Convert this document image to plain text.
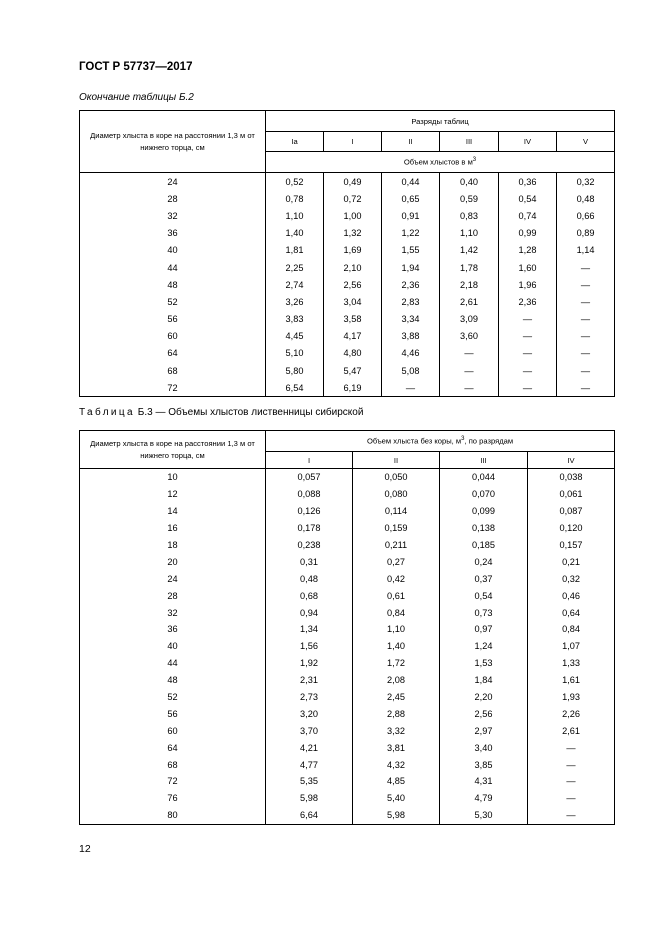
ГОСТ Р 57737—2017
Окончание таблицы Б.2
Диаметр хлыста в коре на расстоянии 1,3 м от нижнего торца, см	Разряды таблиц					
	Ia	I	II	III	IV	V
	Объем хлыстов в $м^3$
24	0,52	0,49	0,44	0,40	0,36	0,32
28	0,78	0,72	0,65	0,59	0,54	0,48
32	1,10	1,00	0,91	0,83	0,74	0,66
36	1,40	1,32	1,22	1,10	0,99	0,89
40	1,81	1,69	1,55	1,42	1,28	1,14
44	2,25	2,10	1,94	1,78	1,60	—
48	2,74	2,56	2,36	2,18	1,96	—
52	3,26	3,04	2,83	2,61	2,36	—
56	3,83	3,58	3,34	3,09	—	—
60	4,45	4,17	3,88	3,60	—	—
64	5,10	4,80	4,46	—	—	—
68	5,80	5,47	5,08	—	—	—
72	6,54	6,19	—	—	—	—
Таблица Б.3 — Объемы хлыстов лиственницы сибирской
Диаметр хлыста в коре на расстоянии 1,3 м от нижнего торца, см	Объем хлыста без коры, $м^3$, по разрядам			
	I	II	III	IV
10	0,057	0,050	0,044	0,038
12	0,088	0,080	0,070	0,061
14	0,126	0,114	0,099	0,087
16	0,178	0,159	0,138	0,120
18	0,238	0,211	0,185	0,157
20	0,31	0,27	0,24	0,21
24	0,48	0,42	0,37	0,32
28	0,68	0,61	0,54	0,46
32	0,94	0,84	0,73	0,64
36	1,34	1,10	0,97	0,84
40	1,56	1,40	1,24	1,07
44	1,92	1,72	1,53	1,33
48	2,31	2,08	1,84	1,61
52	2,73	2,45	2,20	1,93
56	3,20	2,88	2,56	2,26
60	3,70	3,32	2,97	2,61
64	4,21	3,81	3,40	—
68	4,77	4,32	3,85	—
72	5,35	4,85	4,31	—
76	5,98	5,40	4,79	—
80	6,64	5,98	5,30	—
12
